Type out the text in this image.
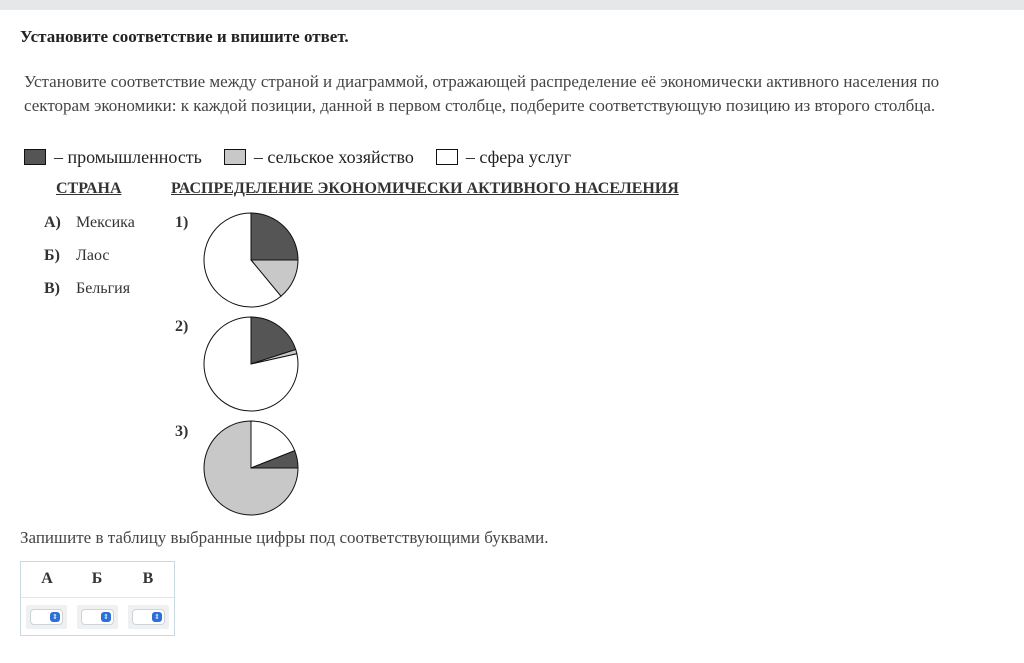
Установите соответствие и впишите ответ.
Установите соответствие между страной и диаграммой, отражающей распределение её экономически активного населения по секторам экономики: к каждой позиции, данной в первом столбце, подберите соответствующую позицию из второго столбца.
– промышленность	– сельское хозяйство	– сфера услуг
СТРАНА	РАСПРЕДЕЛЕНИЕ ЭКОНОМИЧЕСКИ АКТИВНОГО НАСЕЛЕНИЯ
А) Мексика
Б)	Лаос
В)	Бельгия
1)
2)
3)
Запишите в таблицу выбранные цифры под соответствующими буквами.
А	Б	В
⇕	⇕	⇕
